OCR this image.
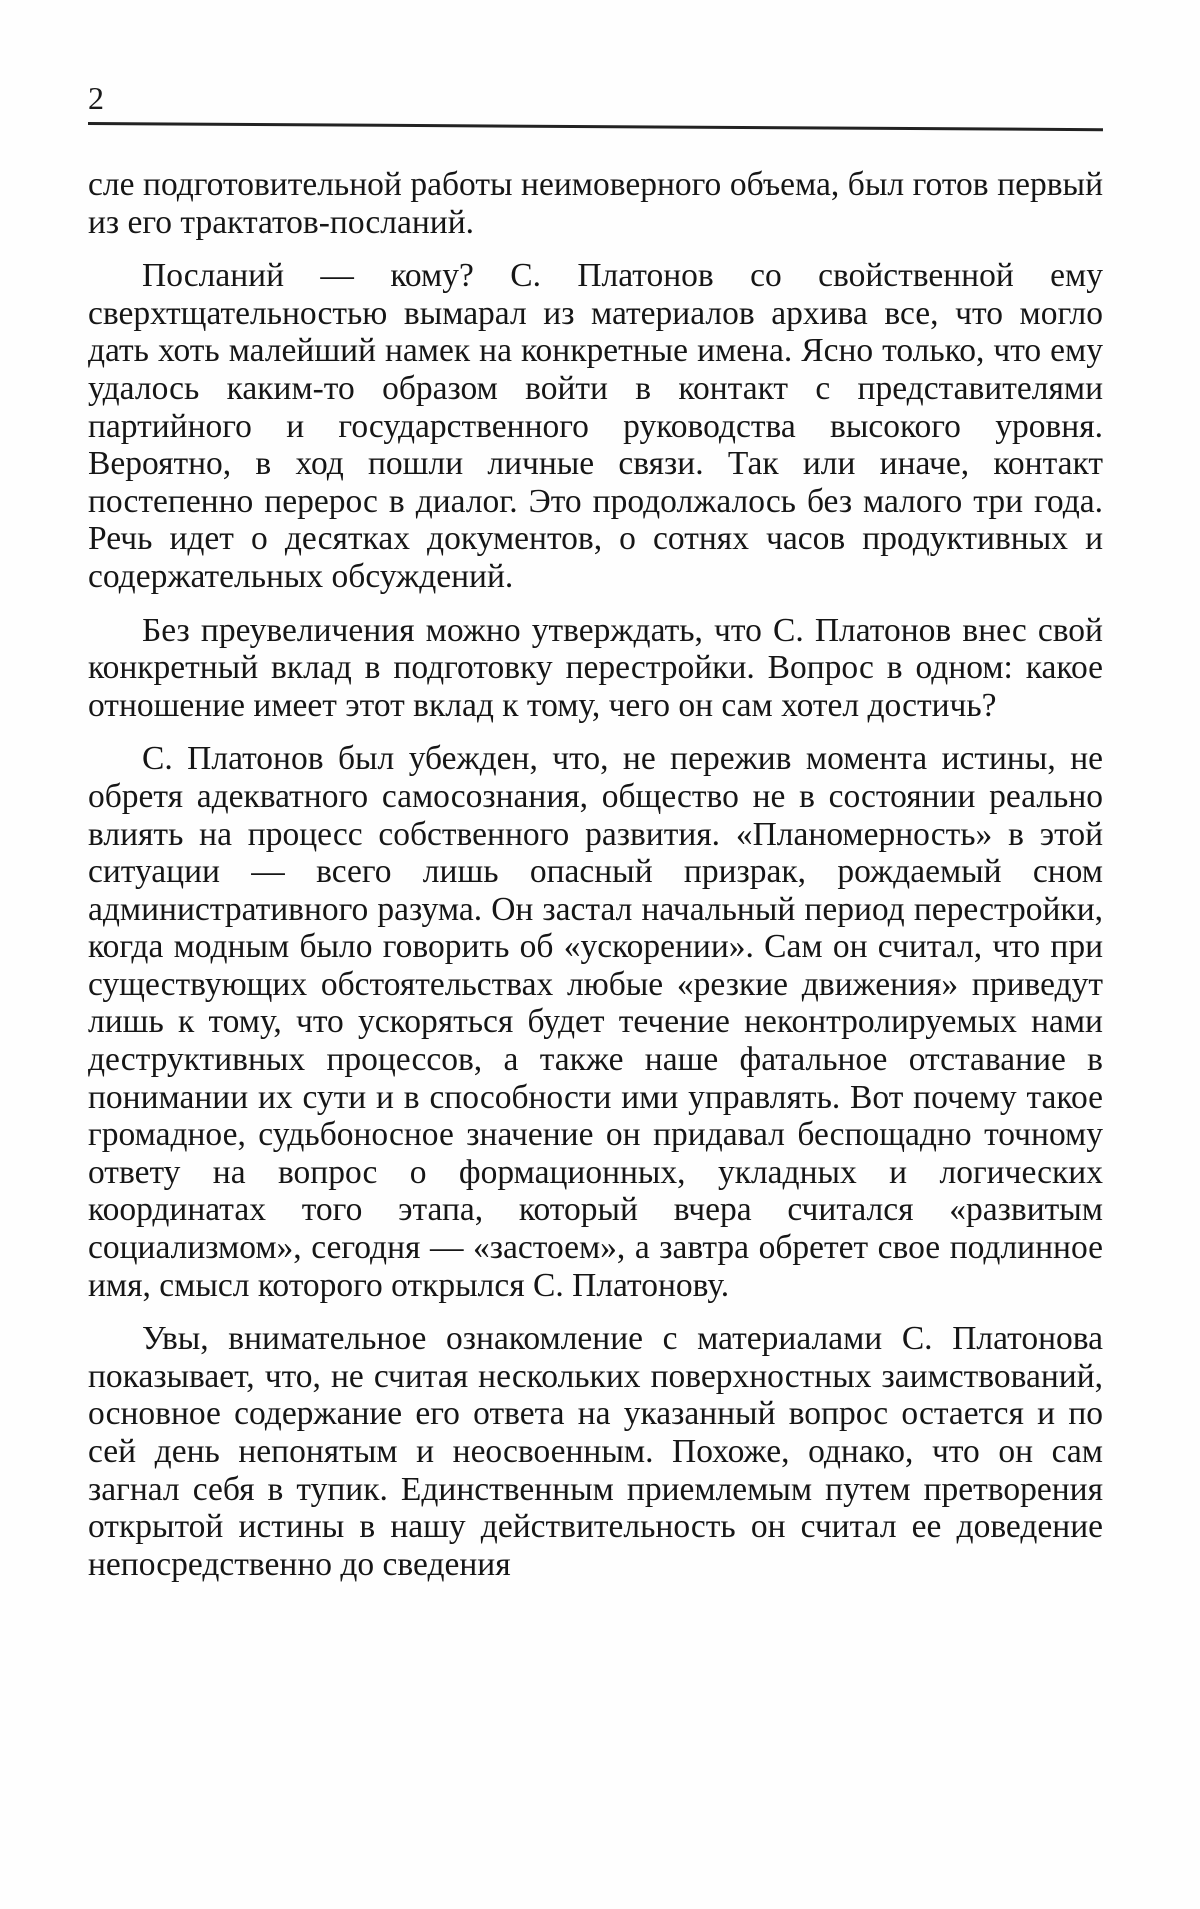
2

сле подготовительной работы неимоверного объема, был готов первый из его трактатов-посланий.

Посланий — кому? С. Платонов со свойственной ему сверхтщательностью вымарал из материалов архива все, что могло дать хоть малейший намек на конкретные имена. Ясно только, что ему удалось каким-то образом войти в контакт с представителями партийного и государственного руководства высокого уровня. Вероятно, в ход пошли личные связи. Так или иначе, контакт постепенно перерос в диалог. Это продолжалось без малого три года. Речь идет о десятках документов, о сотнях часов продуктивных и содержательных обсуждений.

Без преувеличения можно утверждать, что С. Платонов внес свой конкретный вклад в подготовку перестройки. Вопрос в одном: какое отношение имеет этот вклад к тому, чего он сам хотел достичь?

С. Платонов был убежден, что, не пережив момента истины, не обретя адекватного самосознания, общество не в состоянии реально влиять на процесс собственного развития. «Планомерность» в этой ситуации — всего лишь опасный призрак, рождаемый сном административного разума. Он застал начальный период перестройки, когда модным было говорить об «ускорении». Сам он считал, что при существующих обстоятельствах любые «резкие движения» приведут лишь к тому, что ускоряться будет течение неконтролируемых нами деструктивных процессов, а также наше фатальное отставание в понимании их сути и в способности ими управлять. Вот почему такое громадное, судьбоносное значение он придавал беспощадно точному ответу на вопрос о формационных, укладных и логических координатах того этапа, который вчера считался «развитым социализмом», сегодня — «застоем», а завтра обретет свое подлинное имя, смысл которого открылся С. Платонову.

Увы, внимательное ознакомление с материалами С. Платонова показывает, что, не считая нескольких поверхностных заимствований, основное содержание его ответа на указанный вопрос остается и по сей день непонятым и неосвоенным. Похоже, однако, что он сам загнал себя в тупик. Единственным приемлемым путем претворения открытой истины в нашу действительность он считал ее доведение непосредственно до сведения
